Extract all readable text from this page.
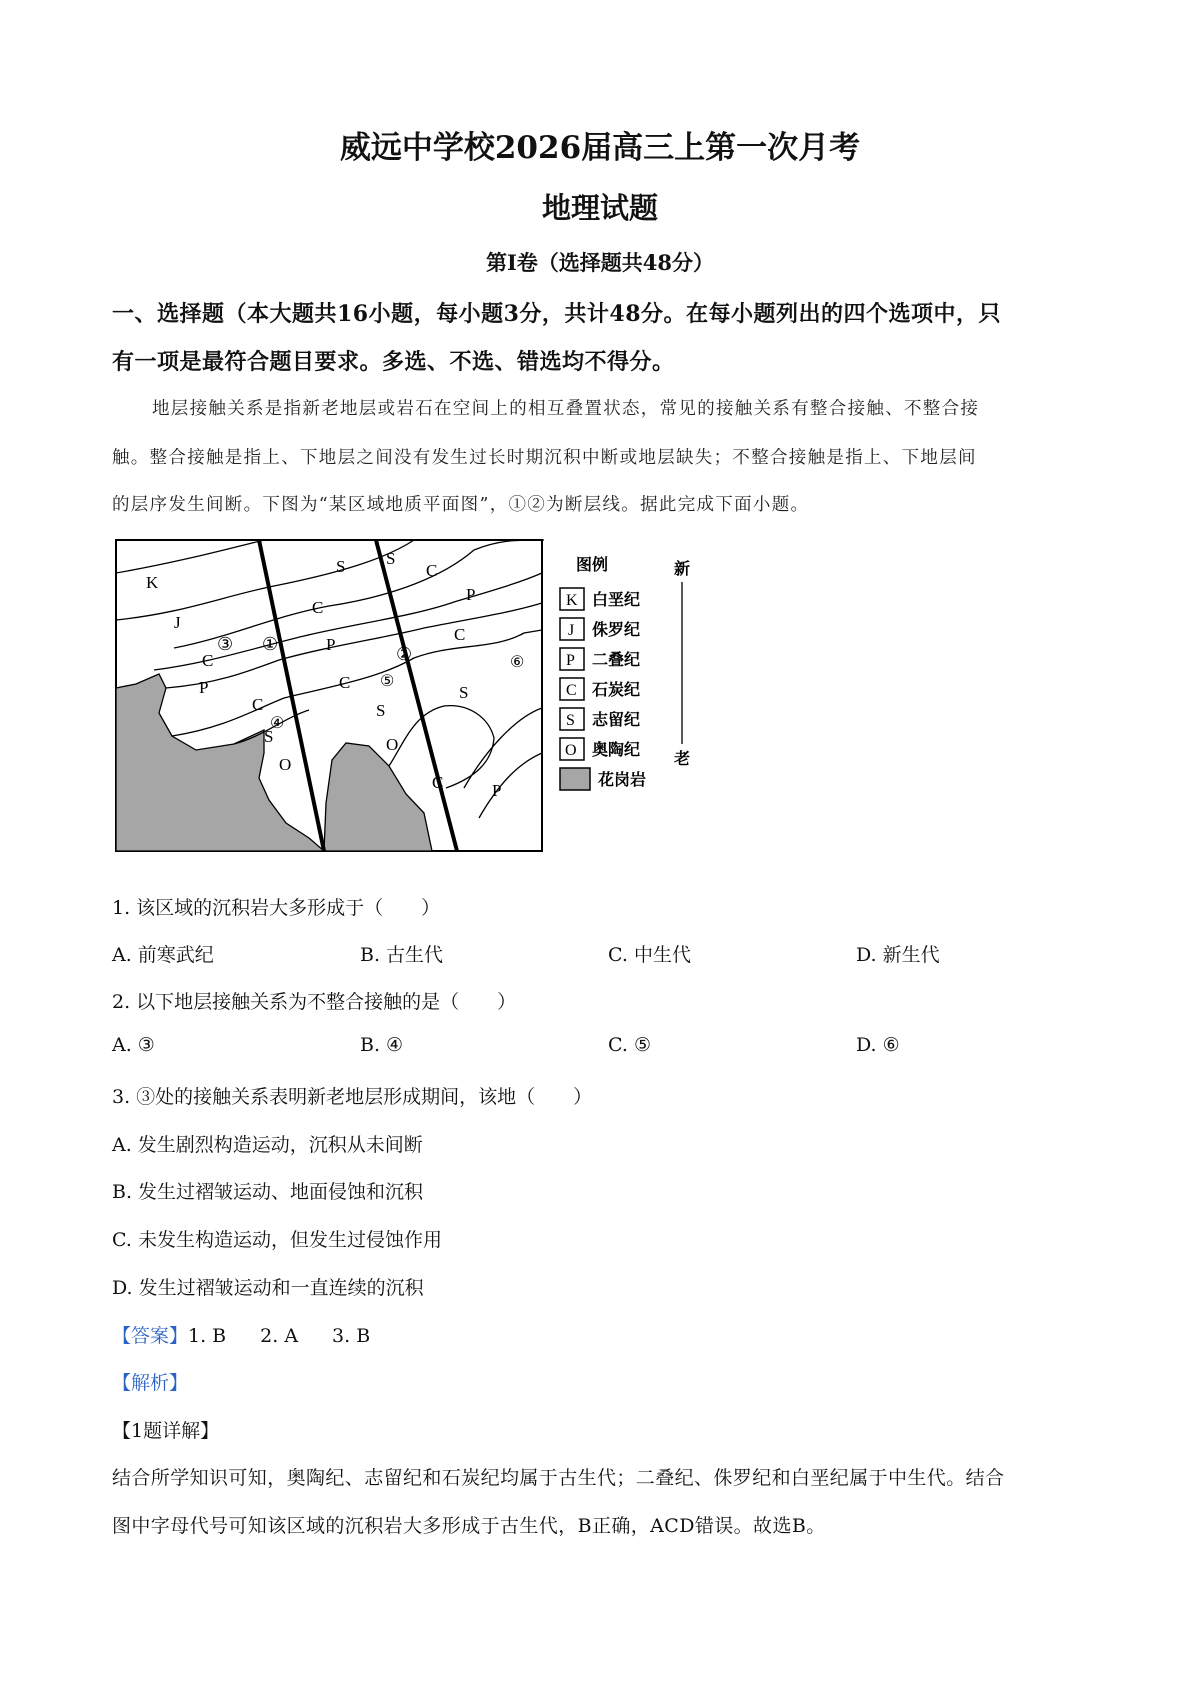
威远中学校2026届高三上第一次月考
地理试题
第I卷（选择题共48分）
一、选择题（本大题共16小题，每小题3分，共计48分。在每小题列出的四个选项中，只
有一项是最符合题目要求。多选、不选、错选均不得分。
地层接触关系是指新老地层或岩石在空间上的相互叠置状态，常见的接触关系有整合接触、不整合接
触。整合接触是指上、下地层之间没有发生过长时期沉积中断或地层缺失；不整合接触是指上、下地层间
的层序发生间断。下图为“某区域地质平面图”，①②为断层线。据此完成下面小题。
K
J
C
P
C
S
O
S
C
P
C
S
O
S
C
P
C
S
C	P
③ ①	②
④
⑤
⑥
图例
K 白垩纪
J 侏罗纪
P 二叠纪
C 石炭纪
S 志留纪
O 奥陶纪
花岗岩
新
老
1. 该区域的沉积岩大多形成于（　　）
A. 前寒武纪	B. 古生代	C. 中生代	D. 新生代
2. 以下地层接触关系为不整合接触的是（　　）
A. ③	B. ④	C. ⑤	D. ⑥
3. ③处的接触关系表明新老地层形成期间，该地（　　）
A. 发生剧烈构造运动，沉积从未间断
B. 发生过褶皱运动、地面侵蚀和沉积
C. 未发生构造运动，但发生过侵蚀作用
D. 发生过褶皱运动和一直连续的沉积
【答案】1. B 2. A 3. B
【解析】
【1题详解】
结合所学知识可知，奥陶纪、志留纪和石炭纪均属于古生代；二叠纪、侏罗纪和白垩纪属于中生代。结合
图中字母代号可知该区域的沉积岩大多形成于古生代，B正确，ACD错误。故选B。
